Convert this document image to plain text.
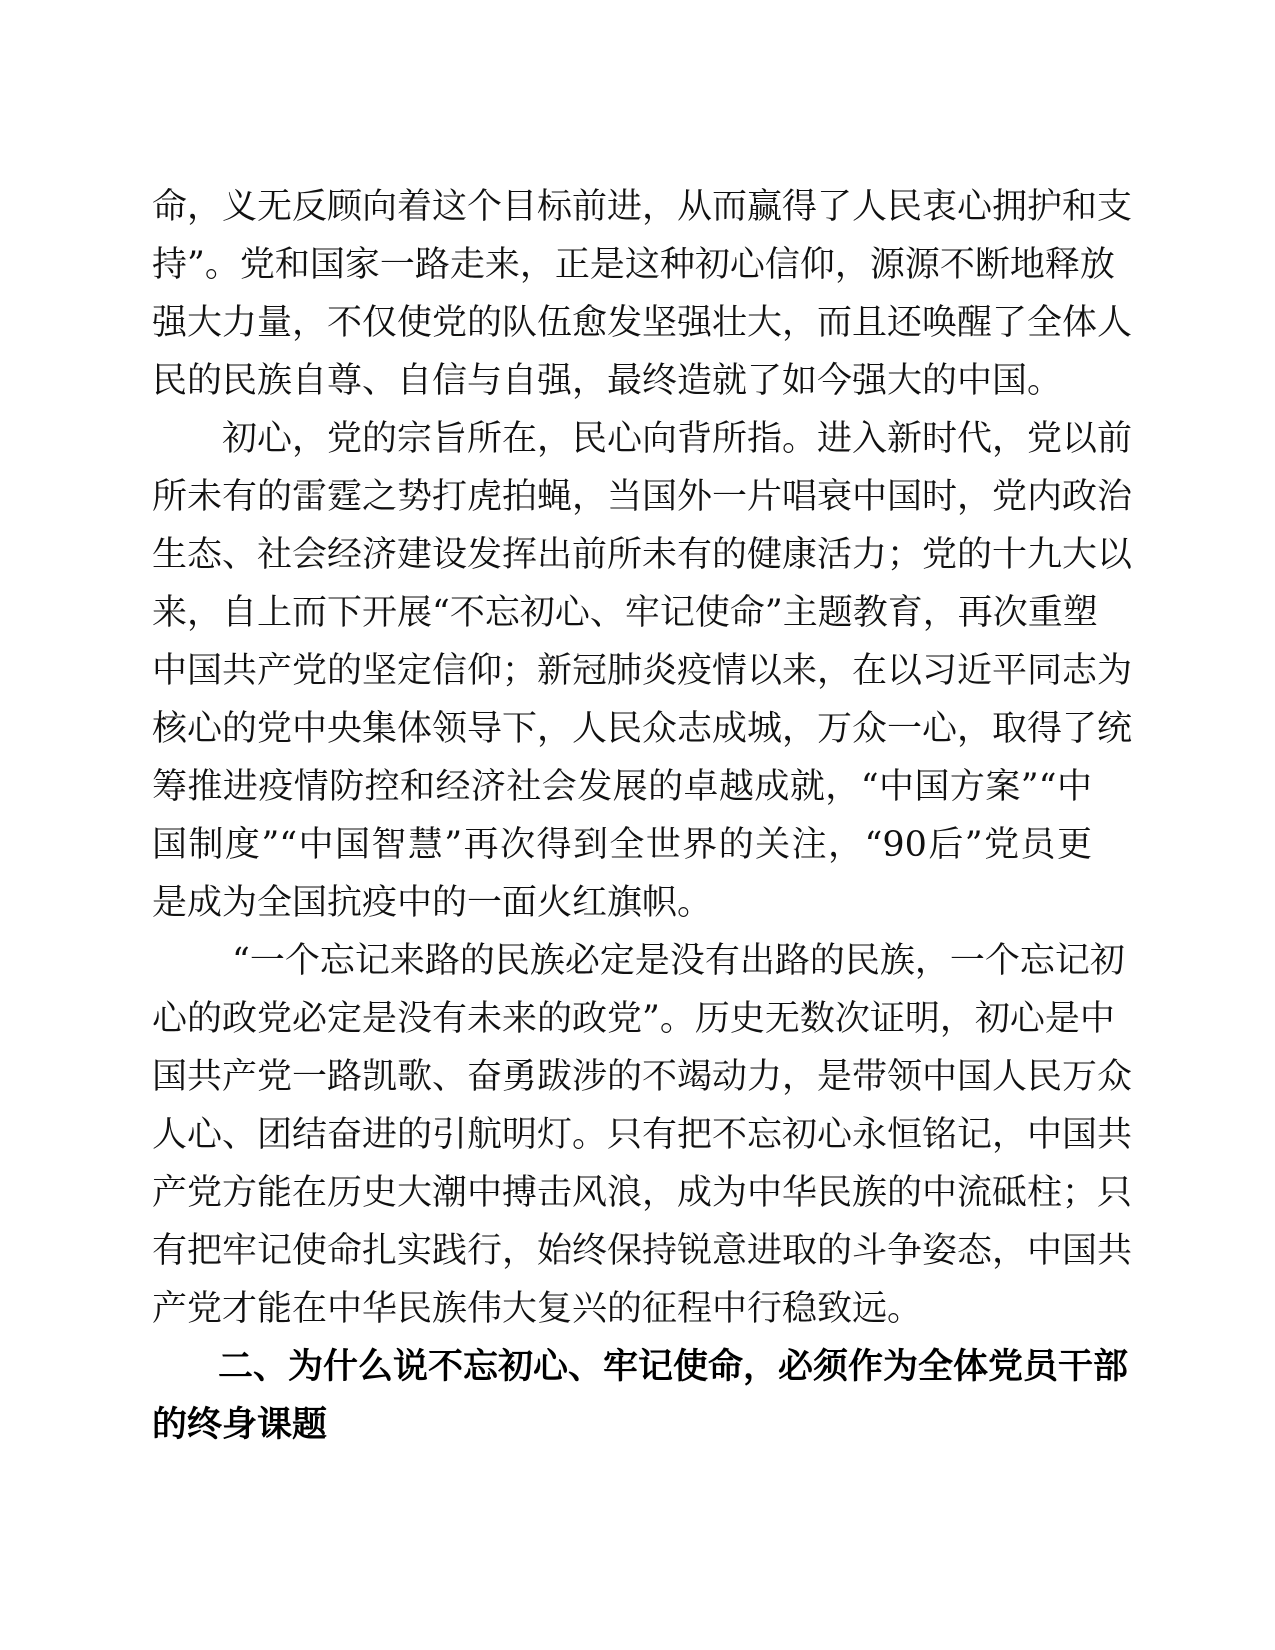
命，义无反顾向着这个目标前进，从而赢得了人民衷心拥护和支
持”。党和国家一路走来，正是这种初心信仰，源源不断地释放
强大力量，不仅使党的队伍愈发坚强壮大，而且还唤醒了全体人
民的民族自尊、自信与自强，最终造就了如今强大的中国。
初心，党的宗旨所在，民心向背所指。进入新时代，党以前
所未有的雷霆之势打虎拍蝇，当国外一片唱衰中国时，党内政治
生态、社会经济建设发挥出前所未有的健康活力；党的十九大以
来，自上而下开展“不忘初心、牢记使命”主题教育，再次重塑
中国共产党的坚定信仰；新冠肺炎疫情以来，在以习近平同志为
核心的党中央集体领导下，人民众志成城，万众一心，取得了统
筹推进疫情防控和经济社会发展的卓越成就，“中国方案”“中
国制度”“中国智慧”再次得到全世界的关注，“90后”党员更
是成为全国抗疫中的一面火红旗帜。
“一个忘记来路的民族必定是没有出路的民族，一个忘记初
心的政党必定是没有未来的政党”。历史无数次证明，初心是中
国共产党一路凯歌、奋勇跋涉的不竭动力，是带领中国人民万众
人心、团结奋进的引航明灯。只有把不忘初心永恒铭记，中国共
产党方能在历史大潮中搏击风浪，成为中华民族的中流砥柱；只
有把牢记使命扎实践行，始终保持锐意进取的斗争姿态，中国共
产党才能在中华民族伟大复兴的征程中行稳致远。
二、为什么说不忘初心、牢记使命，必须作为全体党员干部
的终身课题
